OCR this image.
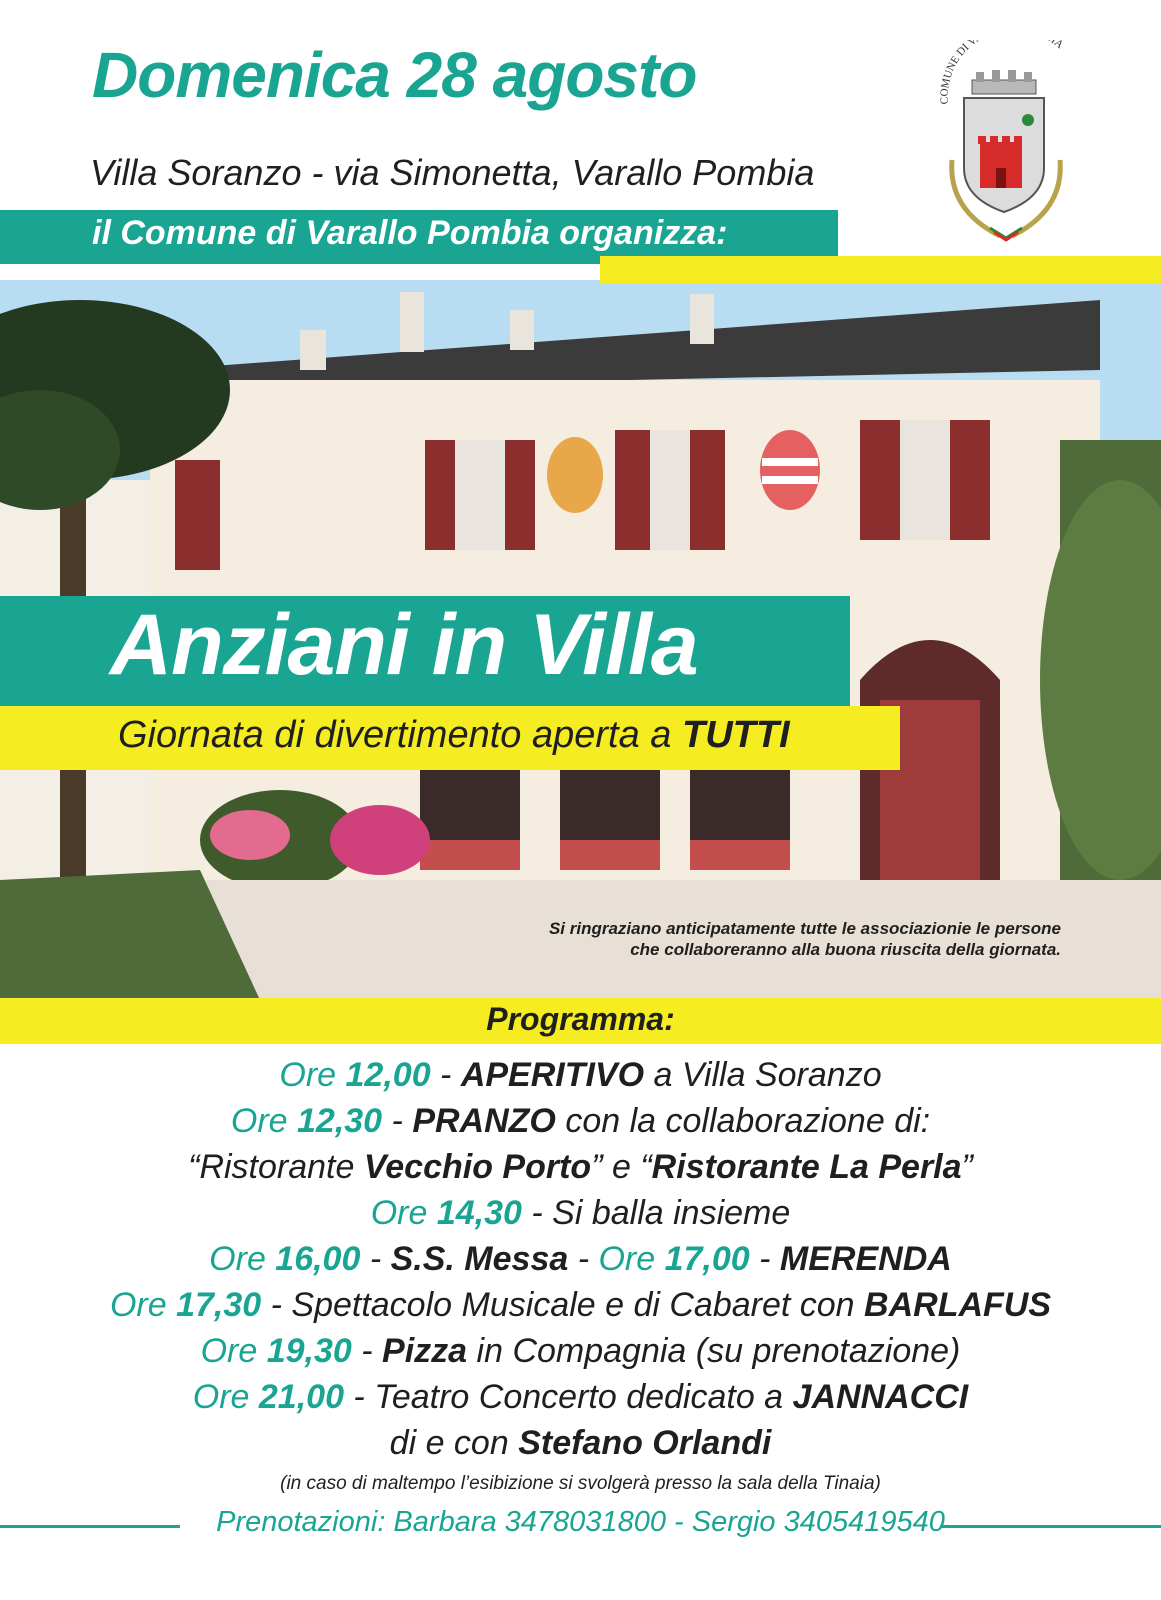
Domenica 28 agosto
Villa Soranzo - via Simonetta, Varallo Pombia
il Comune di Varallo Pombia organizza:
COMUNE DI V IA
Anziani in Villa
Giornata di divertimento aperta a TUTTI
Si ringraziano anticipatamente tutte le associazionie le persone
che collaboreranno alla buona riuscita della giornata.
Programma:
Ore 12,00 - APERITIVO a Villa Soranzo
Ore 12,30 - PRANZO con la collaborazione di:
“Ristorante Vecchio Porto” e “Ristorante La Perla”
Ore 14,30 - Si balla insieme
Ore 16,00 - S.S. Messa - Ore 17,00 - MERENDA
Ore 17,30 - Spettacolo Musicale e di Cabaret con BARLAFUS
Ore 19,30 - Pizza in Compagnia (su prenotazione)
Ore 21,00 - Teatro Concerto dedicato a JANNACCI
di e con Stefano Orlandi
(in caso di maltempo l’esibizione si svolgerà presso la sala della Tinaia)
Prenotazioni: Barbara 3478031800 - Sergio 3405419540
